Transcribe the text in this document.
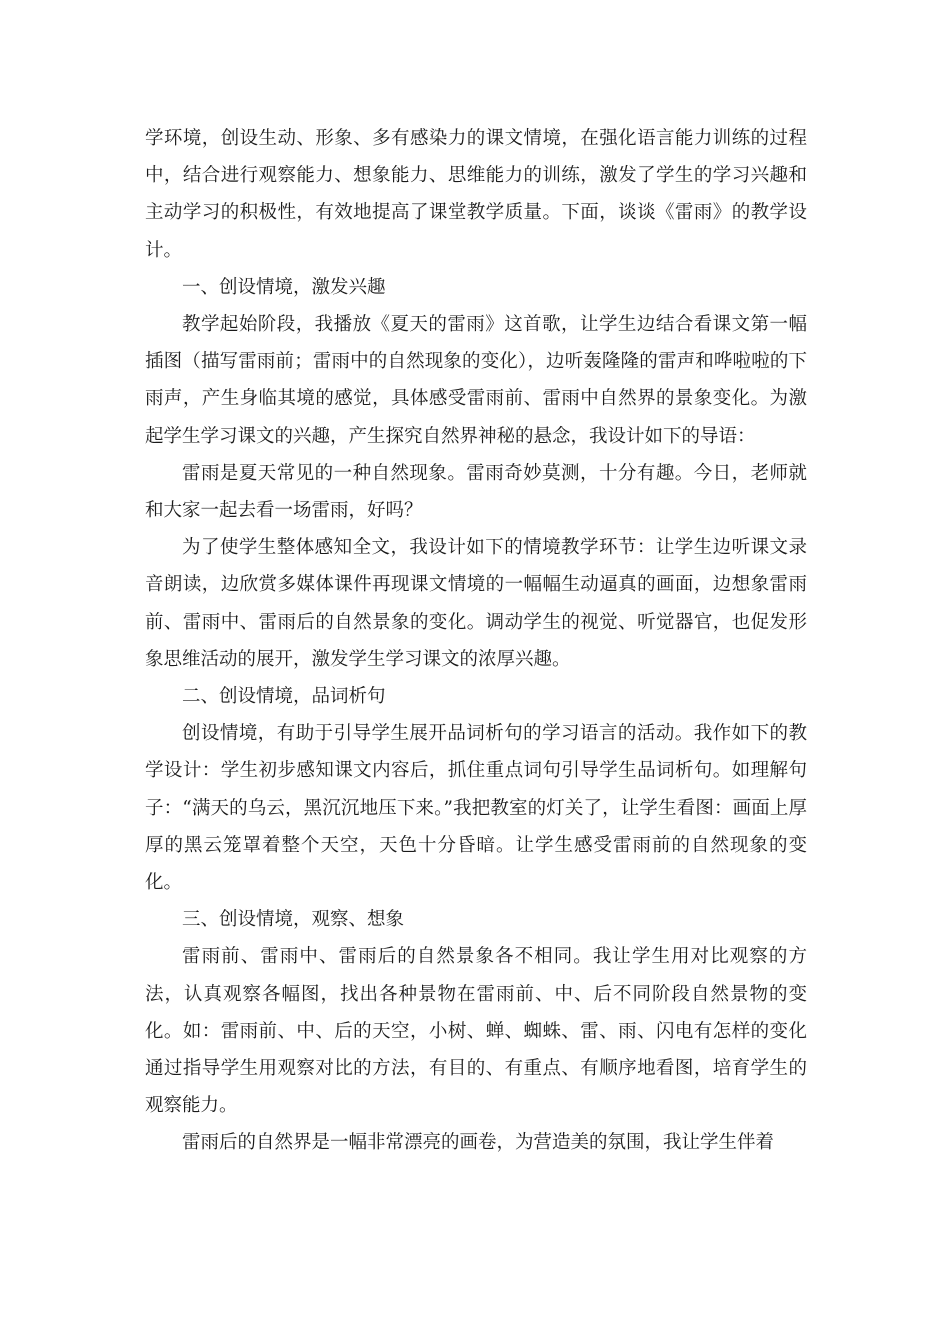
学环境，创设生动、形象、多有感染力的课文情境，在强化语言能力训练的过程中，结合进行观察能力、想象能力、思维能力的训练，激发了学生的学习兴趣和主动学习的积极性，有效地提高了课堂教学质量。下面，谈谈《雷雨》的教学设计。

一、创设情境，激发兴趣

教学起始阶段，我播放《夏天的雷雨》这首歌，让学生边结合看课文第一幅插图（描写雷雨前；雷雨中的自然现象的变化），边听轰隆隆的雷声和哗啦啦的下雨声，产生身临其境的感觉，具体感受雷雨前、雷雨中自然界的景象变化。为激起学生学习课文的兴趣，产生探究自然界神秘的悬念，我设计如下的导语：

雷雨是夏天常见的一种自然现象。雷雨奇妙莫测，十分有趣。今日，老师就和大家一起去看一场雷雨，好吗？

为了使学生整体感知全文，我设计如下的情境教学环节：让学生边听课文录音朗读，边欣赏多媒体课件再现课文情境的一幅幅生动逼真的画面，边想象雷雨前、雷雨中、雷雨后的自然景象的变化。调动学生的视觉、听觉器官，也促发形象思维活动的展开，激发学生学习课文的浓厚兴趣。

二、创设情境，品词析句

创设情境，有助于引导学生展开品词析句的学习语言的活动。我作如下的教学设计：学生初步感知课文内容后，抓住重点词句引导学生品词析句。如理解句子：“满天的乌云，黑沉沉地压下来。”我把教室的灯关了，让学生看图：画面上厚厚的黑云笼罩着整个天空，天色十分昏暗。让学生感受雷雨前的自然现象的变化。

三、创设情境，观察、想象

雷雨前、雷雨中、雷雨后的自然景象各不相同。我让学生用对比观察的方法，认真观察各幅图，找出各种景物在雷雨前、中、后不同阶段自然景物的变化。如：雷雨前、中、后的天空，小树、蝉、蜘蛛、雷、雨、闪电有怎样的变化通过指导学生用观察对比的方法，有目的、有重点、有顺序地看图，培育学生的观察能力。

雷雨后的自然界是一幅非常漂亮的画卷，为营造美的氛围，我让学生伴着
